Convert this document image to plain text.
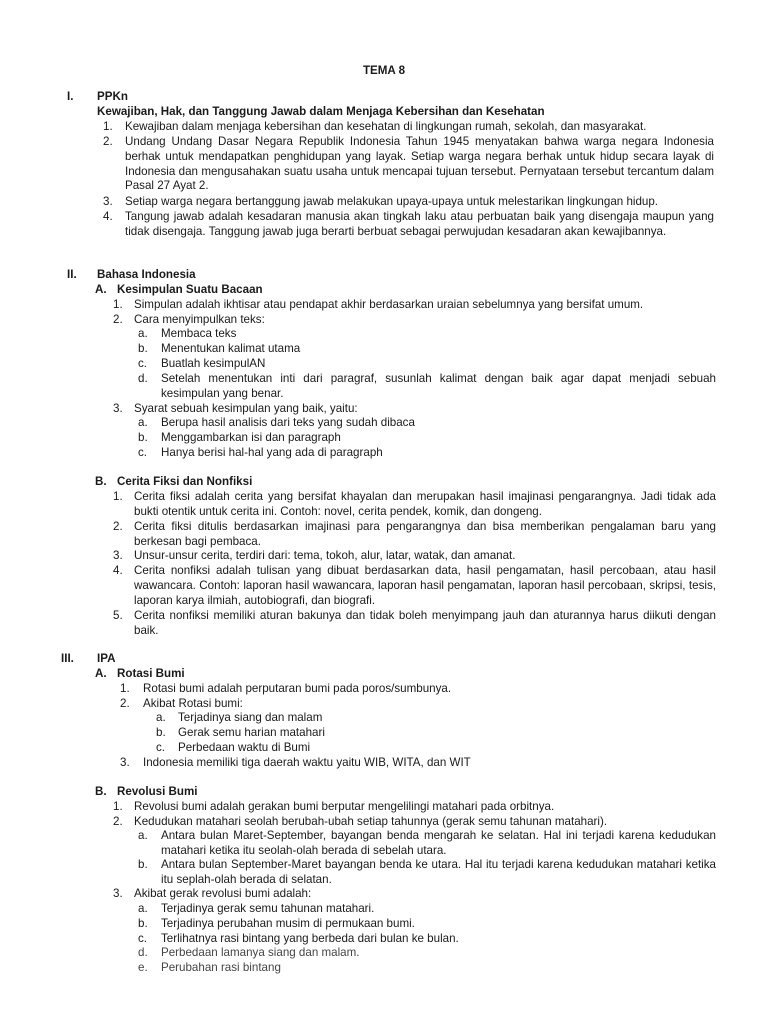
TEMA 8
I. PPKn
Kewajiban, Hak, dan Tanggung Jawab dalam Menjaga Kebersihan dan Kesehatan
1. Kewajiban dalam menjaga kebersihan dan kesehatan di lingkungan rumah, sekolah, dan masyarakat.
2. Undang Undang Dasar Negara Republik Indonesia Tahun 1945 menyatakan bahwa warga negara Indonesia berhak untuk mendapatkan penghidupan yang layak. Setiap warga negara berhak untuk hidup secara layak di Indonesia dan mengusahakan suatu usaha untuk mencapai tujuan tersebut. Pernyataan tersebut tercantum dalam Pasal 27 Ayat 2.
3. Setiap warga negara bertanggung jawab melakukan upaya-upaya untuk melestarikan lingkungan hidup.
4. Tangung jawab adalah kesadaran manusia akan tingkah laku atau perbuatan baik yang disengaja maupun yang tidak disengaja. Tanggung jawab juga berarti berbuat sebagai perwujudan kesadaran akan kewajibannya.
II. Bahasa Indonesia
A. Kesimpulan Suatu Bacaan
1. Simpulan adalah ikhtisar atau pendapat akhir berdasarkan uraian sebelumnya yang bersifat umum.
2. Cara menyimpulkan teks:
a. Membaca teks
b. Menentukan kalimat utama
c. Buatlah kesimpulAN
d. Setelah menentukan inti dari paragraf, susunlah kalimat dengan baik agar dapat menjadi sebuah kesimpulan yang benar.
3. Syarat sebuah kesimpulan yang baik, yaitu:
a. Berupa hasil analisis dari teks yang sudah dibaca
b. Menggambarkan isi dan paragraph
c. Hanya berisi hal-hal yang ada di paragraph
B. Cerita Fiksi dan Nonfiksi
1. Cerita fiksi adalah cerita yang bersifat khayalan dan merupakan hasil imajinasi pengarangnya. Jadi tidak ada bukti otentik untuk cerita ini. Contoh: novel, cerita pendek, komik, dan dongeng.
2. Cerita fiksi ditulis berdasarkan imajinasi para pengarangnya dan bisa memberikan pengalaman baru yang berkesan bagi pembaca.
3. Unsur-unsur cerita, terdiri dari: tema, tokoh, alur, latar, watak, dan amanat.
4. Cerita nonfiksi adalah tulisan yang dibuat berdasarkan data, hasil pengamatan, hasil percobaan, atau hasil wawancara. Contoh: laporan hasil wawancara, laporan hasil pengamatan, laporan hasil percobaan, skripsi, tesis, laporan karya ilmiah, autobiografi, dan biografi.
5. Cerita nonfiksi memiliki aturan bakunya dan tidak boleh menyimpang jauh dan aturannya harus diikuti dengan baik.
III. IPA
A. Rotasi Bumi
1. Rotasi bumi adalah perputaran bumi pada poros/sumbunya.
2. Akibat Rotasi bumi:
a. Terjadinya siang dan malam
b. Gerak semu harian matahari
c. Perbedaan waktu di Bumi
3. Indonesia memiliki tiga daerah waktu yaitu WIB, WITA, dan WIT
B. Revolusi Bumi
1. Revolusi bumi adalah gerakan bumi berputar mengelilingi matahari pada orbitnya.
2. Kedudukan matahari seolah berubah-ubah setiap tahunnya (gerak semu tahunan matahari).
a. Antara bulan Maret-September, bayangan benda mengarah ke selatan. Hal ini terjadi karena kedudukan matahari ketika itu seolah-olah berada di sebelah utara.
b. Antara bulan September-Maret bayangan benda ke utara. Hal itu terjadi karena kedudukan matahari ketika itu seplah-olah berada di selatan.
3. Akibat gerak revolusi bumi adalah:
a. Terjadinya gerak semu tahunan matahari.
b. Terjadinya perubahan musim di permukaan bumi.
c. Terlihatnya rasi bintang yang berbeda dari bulan ke bulan.
d. Perbedaan lamanya siang dan malam.
e. Perubahan rasi bintang
